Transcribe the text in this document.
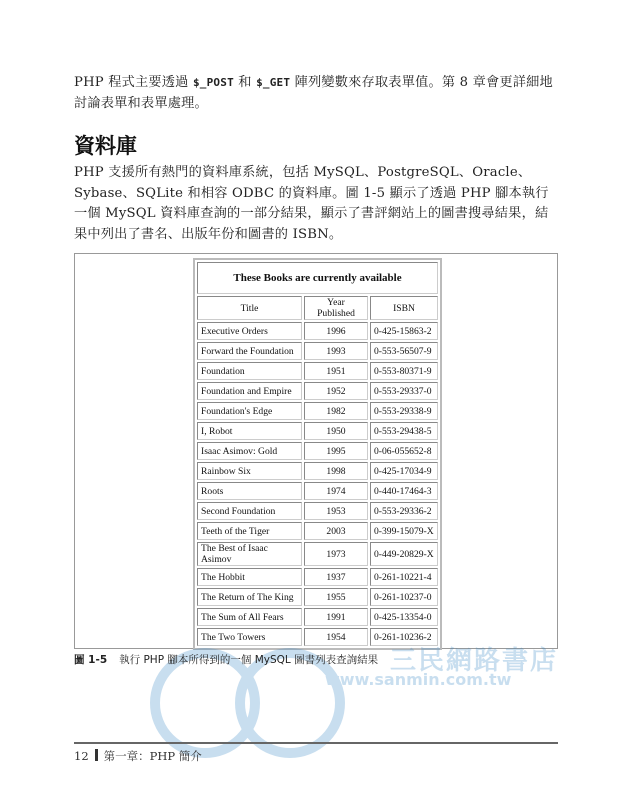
PHP 程式主要透過 $_POST 和 $_GET 陣列變數來存取表單值。第 8 章會更詳細地討論表單和表單處理。
資料庫
PHP 支援所有熱門的資料庫系統，包括 MySQL、PostgreSQL、Oracle、Sybase、SQLite 和相容 ODBC 的資料庫。圖 1-5 顯示了透過 PHP 腳本執行一個 MySQL 資料庫查詢的一部分結果，顯示了書評網站上的圖書搜尋結果，結果中列出了書名、出版年份和圖書的 ISBN。
These Books are currently available		
Title	Year Published	ISBN
Executive Orders	1996	0-425-15863-2
Forward the Foundation	1993	0-553-56507-9
Foundation	1951	0-553-80371-9
Foundation and Empire	1952	0-553-29337-0
Foundation's Edge	1982	0-553-29338-9
I, Robot	1950	0-553-29438-5
Isaac Asimov: Gold	1995	0-06-055652-8
Rainbow Six	1998	0-425-17034-9
Roots	1974	0-440-17464-3
Second Foundation	1953	0-553-29336-2
Teeth of the Tiger	2003	0-399-15079-X
The Best of Isaac Asimov	1973	0-449-20829-X
The Hobbit	1937	0-261-10221-4
The Return of The King	1955	0-261-10237-0
The Sum of All Fears	1991	0-425-13354-0
The Two Towers	1954	0-261-10236-2
三民網路書店
www.sanmin.com.tw
圖 1-5 執行 PHP 腳本所得到的一個 MySQL 圖書列表查詢結果
12 第一章：PHP 簡介
